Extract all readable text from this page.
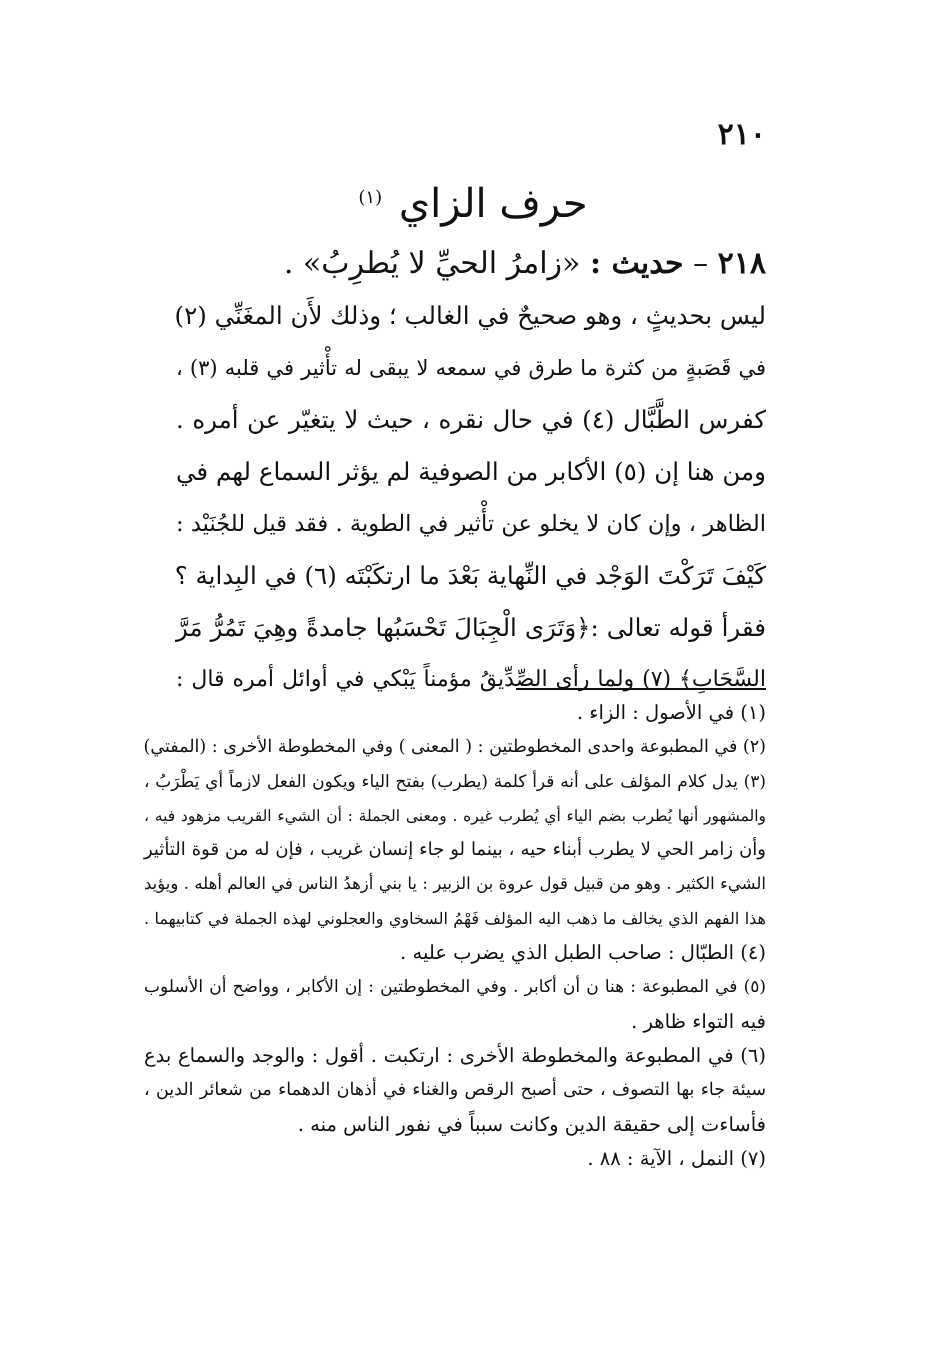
٢١٠
حرف الزاي $^{(١)}$
٢١٨ – حديث : «زامرُ الحيِّ لا يُطرِبُ» .
ليس بحديثٍ ، وهو صحيحٌ في الغالب ؛ وذلك لأَن المغَنِّي (٢)
في قَصَبةٍ من كثرة ما طرق في سمعه لا يبقى له تأْثير في قلبه (٣) ،
كفرس الطَّبَّال (٤) في حال نقره ، حيث لا يتغيّر عن أمره .
ومن هنا إن (٥) الأكابر من الصوفية لم يؤثر السماع لهم في
الظاهر ، وإن كان لا يخلو عن تأْثير في الطوية . فقد قيل للجُنَيْد :
كَيْفَ تَرَكْتَ الوَجْد في النِّهاية بَعْدَ ما ارتكَبْتَه (٦) في البِداية ؟
فقرأ قوله تعالى :﴿وَتَرَى الْجِبَالَ تَحْسَبُها جامدةً وهِيَ تَمُرُّ مَرَّ
السَّحَابِ﴾ (٧) ولما رأى الصِّدِّيقُ مؤمناً يَبْكي في أوائل أمره قال :
(١) في الأصول : الزاء .
(٢) في المطبوعة واحدى المخطوطتين : ( المعنى ) وفي المخطوطة الأخرى : (المفتي)
(٣) يدل كلام المؤلف على أنه قرأ كلمة (يطرب) بفتح الياء ويكون الفعل لازماً أي يَطْرَبُ ،
والمشهور أنها يُطرب بضم الياء أي يُطرب غيره . ومعنى الجملة : أن الشيء القريب مزهود فيه ،
وأن زامر الحي لا يطرب أبناء حيه ، بينما لو جاء إنسان غريب ، فإن له من قوة التأثير
الشيء الكثير . وهو من قبيل قول عروة بن الزبير : يا بني أزهدُ الناس في العالم أهله . ويؤيد
هذا الفهم الذي يخالف ما ذهب اليه المؤلف فَهْمُ السخاوي والعجلوني لهذه الجملة في كتابيهما .
(٤) الطبّال : صاحب الطبل الذي يضرب عليه .
(٥) في المطبوعة : هنا ن أن أكابر . وفي المخطوطتين : إن الأكابر ، وواضح أن الأسلوب
فيه التواء ظاهر .
(٦) في المطبوعة والمخطوطة الأخرى : ارتكبت . أقول : والوجد والسماع بدع
سيئة جاء بها التصوف ، حتى أصبح الرقص والغناء في أذهان الدهماء من شعائر الدين ،
فأساءت إلى حقيقة الدين وكانت سبباً في نفور الناس منه .
(٧) النمل ، الآية : ٨٨ .
